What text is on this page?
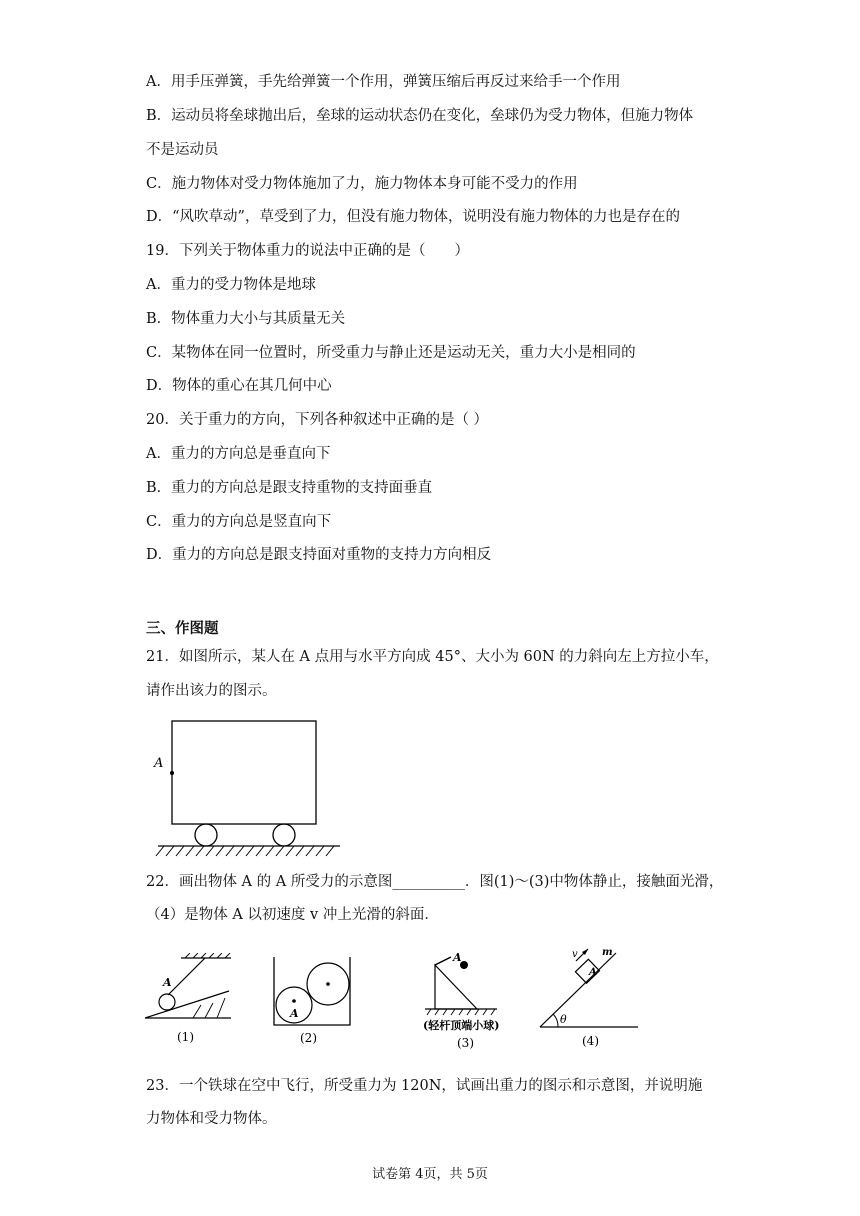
A．用手压弹簧，手先给弹簧一个作用，弹簧压缩后再反过来给手一个作用
B．运动员将垒球抛出后，垒球的运动状态仍在变化，垒球仍为受力物体，但施力物体
不是运动员
C．施力物体对受力物体施加了力，施力物体本身可能不受力的作用
D．“风吹草动”，草受到了力，但没有施力物体，说明没有施力物体的力也是存在的
19．下列关于物体重力的说法中正确的是（　　）
A．重力的受力物体是地球
B．物体重力大小与其质量无关
C．某物体在同一位置时，所受重力与静止还是运动无关，重力大小是相同的
D．物体的重心在其几何中心
20．关于重力的方向，下列各种叙述中正确的是（ ）
A．重力的方向总是垂直向下
B．重力的方向总是跟支持重物的支持面垂直
C．重力的方向总是竖直向下
D．重力的方向总是跟支持面对重物的支持力方向相反
三、作图题
21．如图所示，某人在 A 点用与水平方向成 45°、大小为 60N 的力斜向左上方拉小车，
请作出该力的图示。
A
22．画出物体 A 的 A 所受力的示意图__________．图(1)～(3)中物体静止，接触面光滑，
（4）是物体 A 以初速度 v 冲上光滑的斜面．
A
(1)
A
(2)
A
(轻杆顶端小球)
(3)
θ
A
v m
(4)
23．一个铁球在空中飞行，所受重力为 120N，试画出重力的图示和示意图，并说明施
力物体和受力物体。
试卷第 4页，共 5页
